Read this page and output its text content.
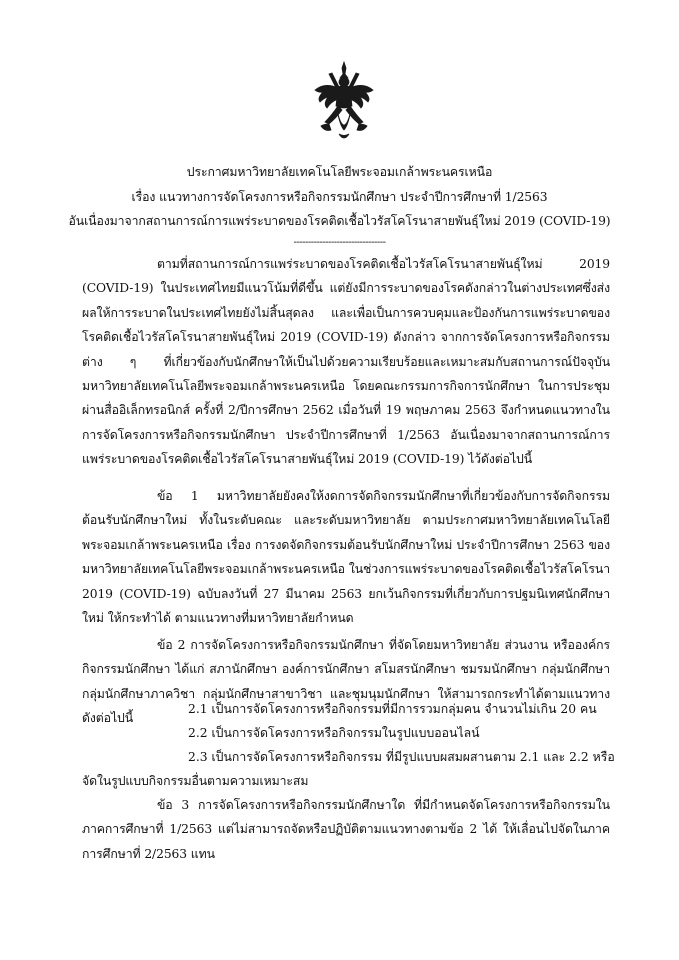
ประกาศมหาวิทยาลัยเทคโนโลยีพระจอมเกล้าพระนครเหนือ
เรื่อง แนวทางการจัดโครงการหรือกิจกรรมนักศึกษา ประจำปีการศึกษาที่ 1/2563
อันเนื่องมาจากสถานการณ์การแพร่ระบาดของโรคติดเชื้อไวรัสโคโรนาสายพันธุ์ใหม่ 2019 (COVID-19)
--------------------------------
ตามที่สถานการณ์การแพร่ระบาดของโรคติดเชื้อไวรัสโคโรนาสายพันธุ์ใหม่ 2019 (COVID-19) ในประเทศไทยมีแนวโน้มที่ดีขึ้น แต่ยังมีการระบาดของโรคดังกล่าวในต่างประเทศซึ่งส่งผลให้การระบาดในประเทศไทยยังไม่สิ้นสุดลง และเพื่อเป็นการควบคุมและป้องกันการแพร่ระบาดของโรคติดเชื้อไวรัสโคโรนาสายพันธุ์ใหม่ 2019 (COVID-19) ดังกล่าว จากการจัดโครงการหรือกิจกรรมต่าง ๆ ที่เกี่ยวข้องกับนักศึกษาให้เป็นไปด้วยความเรียบร้อยและเหมาะสมกับสถานการณ์ปัจจุบัน มหาวิทยาลัยเทคโนโลยีพระจอมเกล้าพระนครเหนือ โดยคณะกรรมการกิจการนักศึกษา ในการประชุมผ่านสื่ออิเล็กทรอนิกส์ ครั้งที่ 2/ปีการศึกษา 2562 เมื่อวันที่ 19 พฤษภาคม 2563 จึงกำหนดแนวทางในการจัดโครงการหรือกิจกรรมนักศึกษา ประจำปีการศึกษาที่ 1/2563 อันเนื่องมาจากสถานการณ์การแพร่ระบาดของโรคติดเชื้อไวรัสโคโรนาสายพันธุ์ใหม่ 2019 (COVID-19) ไว้ดังต่อไปนี้
ข้อ 1 มหาวิทยาลัยยังคงให้งดการจัดกิจกรรมนักศึกษาที่เกี่ยวข้องกับการจัดกิจกรรมต้อนรับนักศึกษาใหม่ ทั้งในระดับคณะ และระดับมหาวิทยาลัย ตามประกาศมหาวิทยาลัยเทคโนโลยีพระจอมเกล้าพระนครเหนือ เรื่อง การงดจัดกิจกรรมต้อนรับนักศึกษาใหม่ ประจำปีการศึกษา 2563 ของมหาวิทยาลัยเทคโนโลยีพระจอมเกล้าพระนครเหนือ ในช่วงการแพร่ระบาดของโรคติดเชื้อไวรัสโคโรนา 2019 (COVID-19) ฉบับลงวันที่ 27 มีนาคม 2563 ยกเว้นกิจกรรมที่เกี่ยวกับการปฐมนิเทศนักศึกษาใหม่ ให้กระทำได้ ตามแนวทางที่มหาวิทยาลัยกำหนด
ข้อ 2 การจัดโครงการหรือกิจกรรมนักศึกษา ที่จัดโดยมหาวิทยาลัย ส่วนงาน หรือองค์กรกิจกรรมนักศึกษา ได้แก่ สภานักศึกษา องค์การนักศึกษา สโมสรนักศึกษา ชมรมนักศึกษา กลุ่มนักศึกษากลุ่มนักศึกษาภาควิชา กลุ่มนักศึกษาสาขาวิชา และชุมนุมนักศึกษา ให้สามารถกระทำได้ตามแนวทางดังต่อไปนี้
2.1 เป็นการจัดโครงการหรือกิจกรรมที่มีการรวมกลุ่มคน จำนวนไม่เกิน 20 คน
2.2 เป็นการจัดโครงการหรือกิจกรรมในรูปแบบออนไลน์
2.3 เป็นการจัดโครงการหรือกิจกรรม ที่มีรูปแบบผสมผสานตาม 2.1 และ 2.2 หรือ
จัดในรูปแบบกิจกรรมอื่นตามความเหมาะสม
ข้อ 3 การจัดโครงการหรือกิจกรรมนักศึกษาใด ที่มีกำหนดจัดโครงการหรือกิจกรรมในภาคการศึกษาที่ 1/2563 แต่ไม่สามารถจัดหรือปฏิบัติตามแนวทางตามข้อ 2 ได้ ให้เลื่อนไปจัดในภาคการศึกษาที่ 2/2563 แทน
